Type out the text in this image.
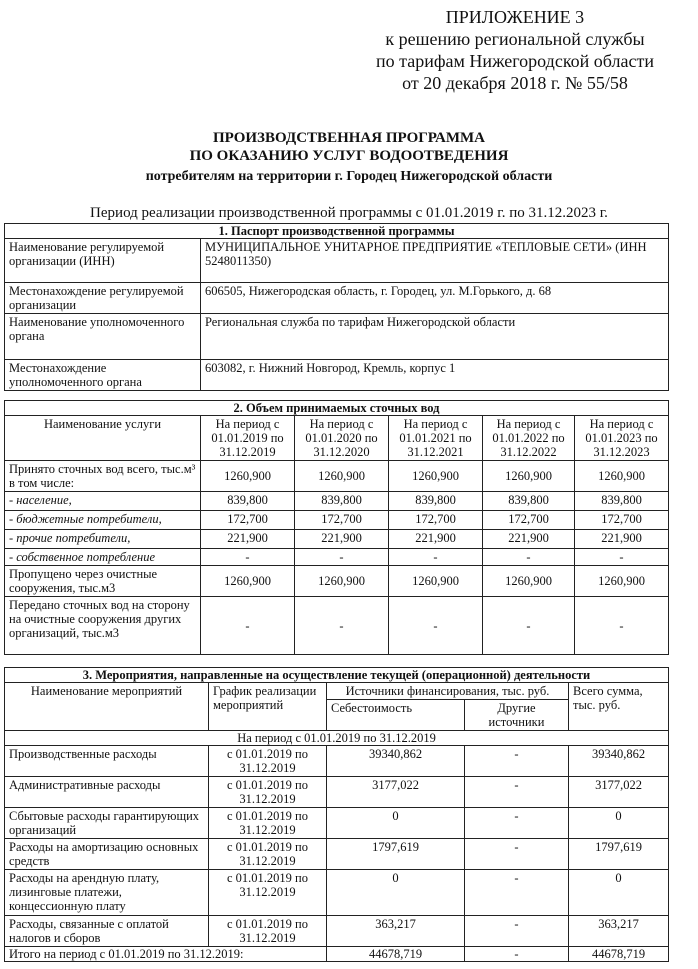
ПРИЛОЖЕНИЕ 3
к решению региональной службы
по тарифам Нижегородской области
от 20 декабря 2018 г. № 55/58
ПРОИЗВОДСТВЕННАЯ ПРОГРАММА
ПО ОКАЗАНИЮ УСЛУГ ВОДООТВЕДЕНИЯ
потребителям на территории г. Городец Нижегородской области
Период реализации производственной программы с 01.01.2019 г. по 31.12.2023 г.
1. Паспорт производственной программы	
Наименование регулируемой организации (ИНН)	МУНИЦИПАЛЬНОЕ УНИТАРНОЕ ПРЕДПРИЯТИЕ «ТЕПЛОВЫЕ СЕТИ» (ИНН 5248011350)
Местонахождение регулируемой организации	606505, Нижегородская область, г. Городец, ул. М.Горького, д. 68
Наименование уполномоченного органа	Региональная служба по тарифам Нижегородской области
Местонахождение уполномоченного органа	603082, г. Нижний Новгород, Кремль, корпус 1
2. Объем принимаемых сточных вод					
Наименование услуги	На период с 01.01.2019 по 31.12.2019	На период с 01.01.2020 по 31.12.2020	На период с 01.01.2021 по 31.12.2021	На период с 01.01.2022 по 31.12.2022	На период с 01.01.2023 по 31.12.2023
Принято сточных вод всего, тыс.м³ в том числе:	1260,900	1260,900	1260,900	1260,900	1260,900
- население,	839,800	839,800	839,800	839,800	839,800
- бюджетные потребители,	172,700	172,700	172,700	172,700	172,700
- прочие потребители,	221,900	221,900	221,900	221,900	221,900
- собственное потребление	-	-	-	-	-
Пропущено через очистные сооружения, тыс.м3	1260,900	1260,900	1260,900	1260,900	1260,900
Передано сточных вод на сторону на очистные сооружения других организаций, тыс.м3	-	-	-	-	-
3. Мероприятия, направленные на осуществление текущей (операционной) деятельности				
Наименование мероприятий	График реализации мероприятий	Источники финансирования, тыс. руб.		Всего сумма, тыс. руб.
		Себестоимость	Другие источники	
На период с 01.01.2019 по 31.12.2019				
Производственные расходы	с 01.01.2019 по 31.12.2019	39340,862	-	39340,862
Административные расходы	с 01.01.2019 по 31.12.2019	3177,022	-	3177,022
Сбытовые расходы гарантирующих организаций	с 01.01.2019 по 31.12.2019	0	-	0
Расходы на амортизацию основных средств	с 01.01.2019 по 31.12.2019	1797,619	-	1797,619
Расходы на арендную плату, лизинговые платежи, концессионную плату	с 01.01.2019 по 31.12.2019	0	-	0
Расходы, связанные с оплатой налогов и сборов	с 01.01.2019 по 31.12.2019	363,217	-	363,217
Итого на период с 01.01.2019 по 31.12.2019:		44678,719	-	44678,719
